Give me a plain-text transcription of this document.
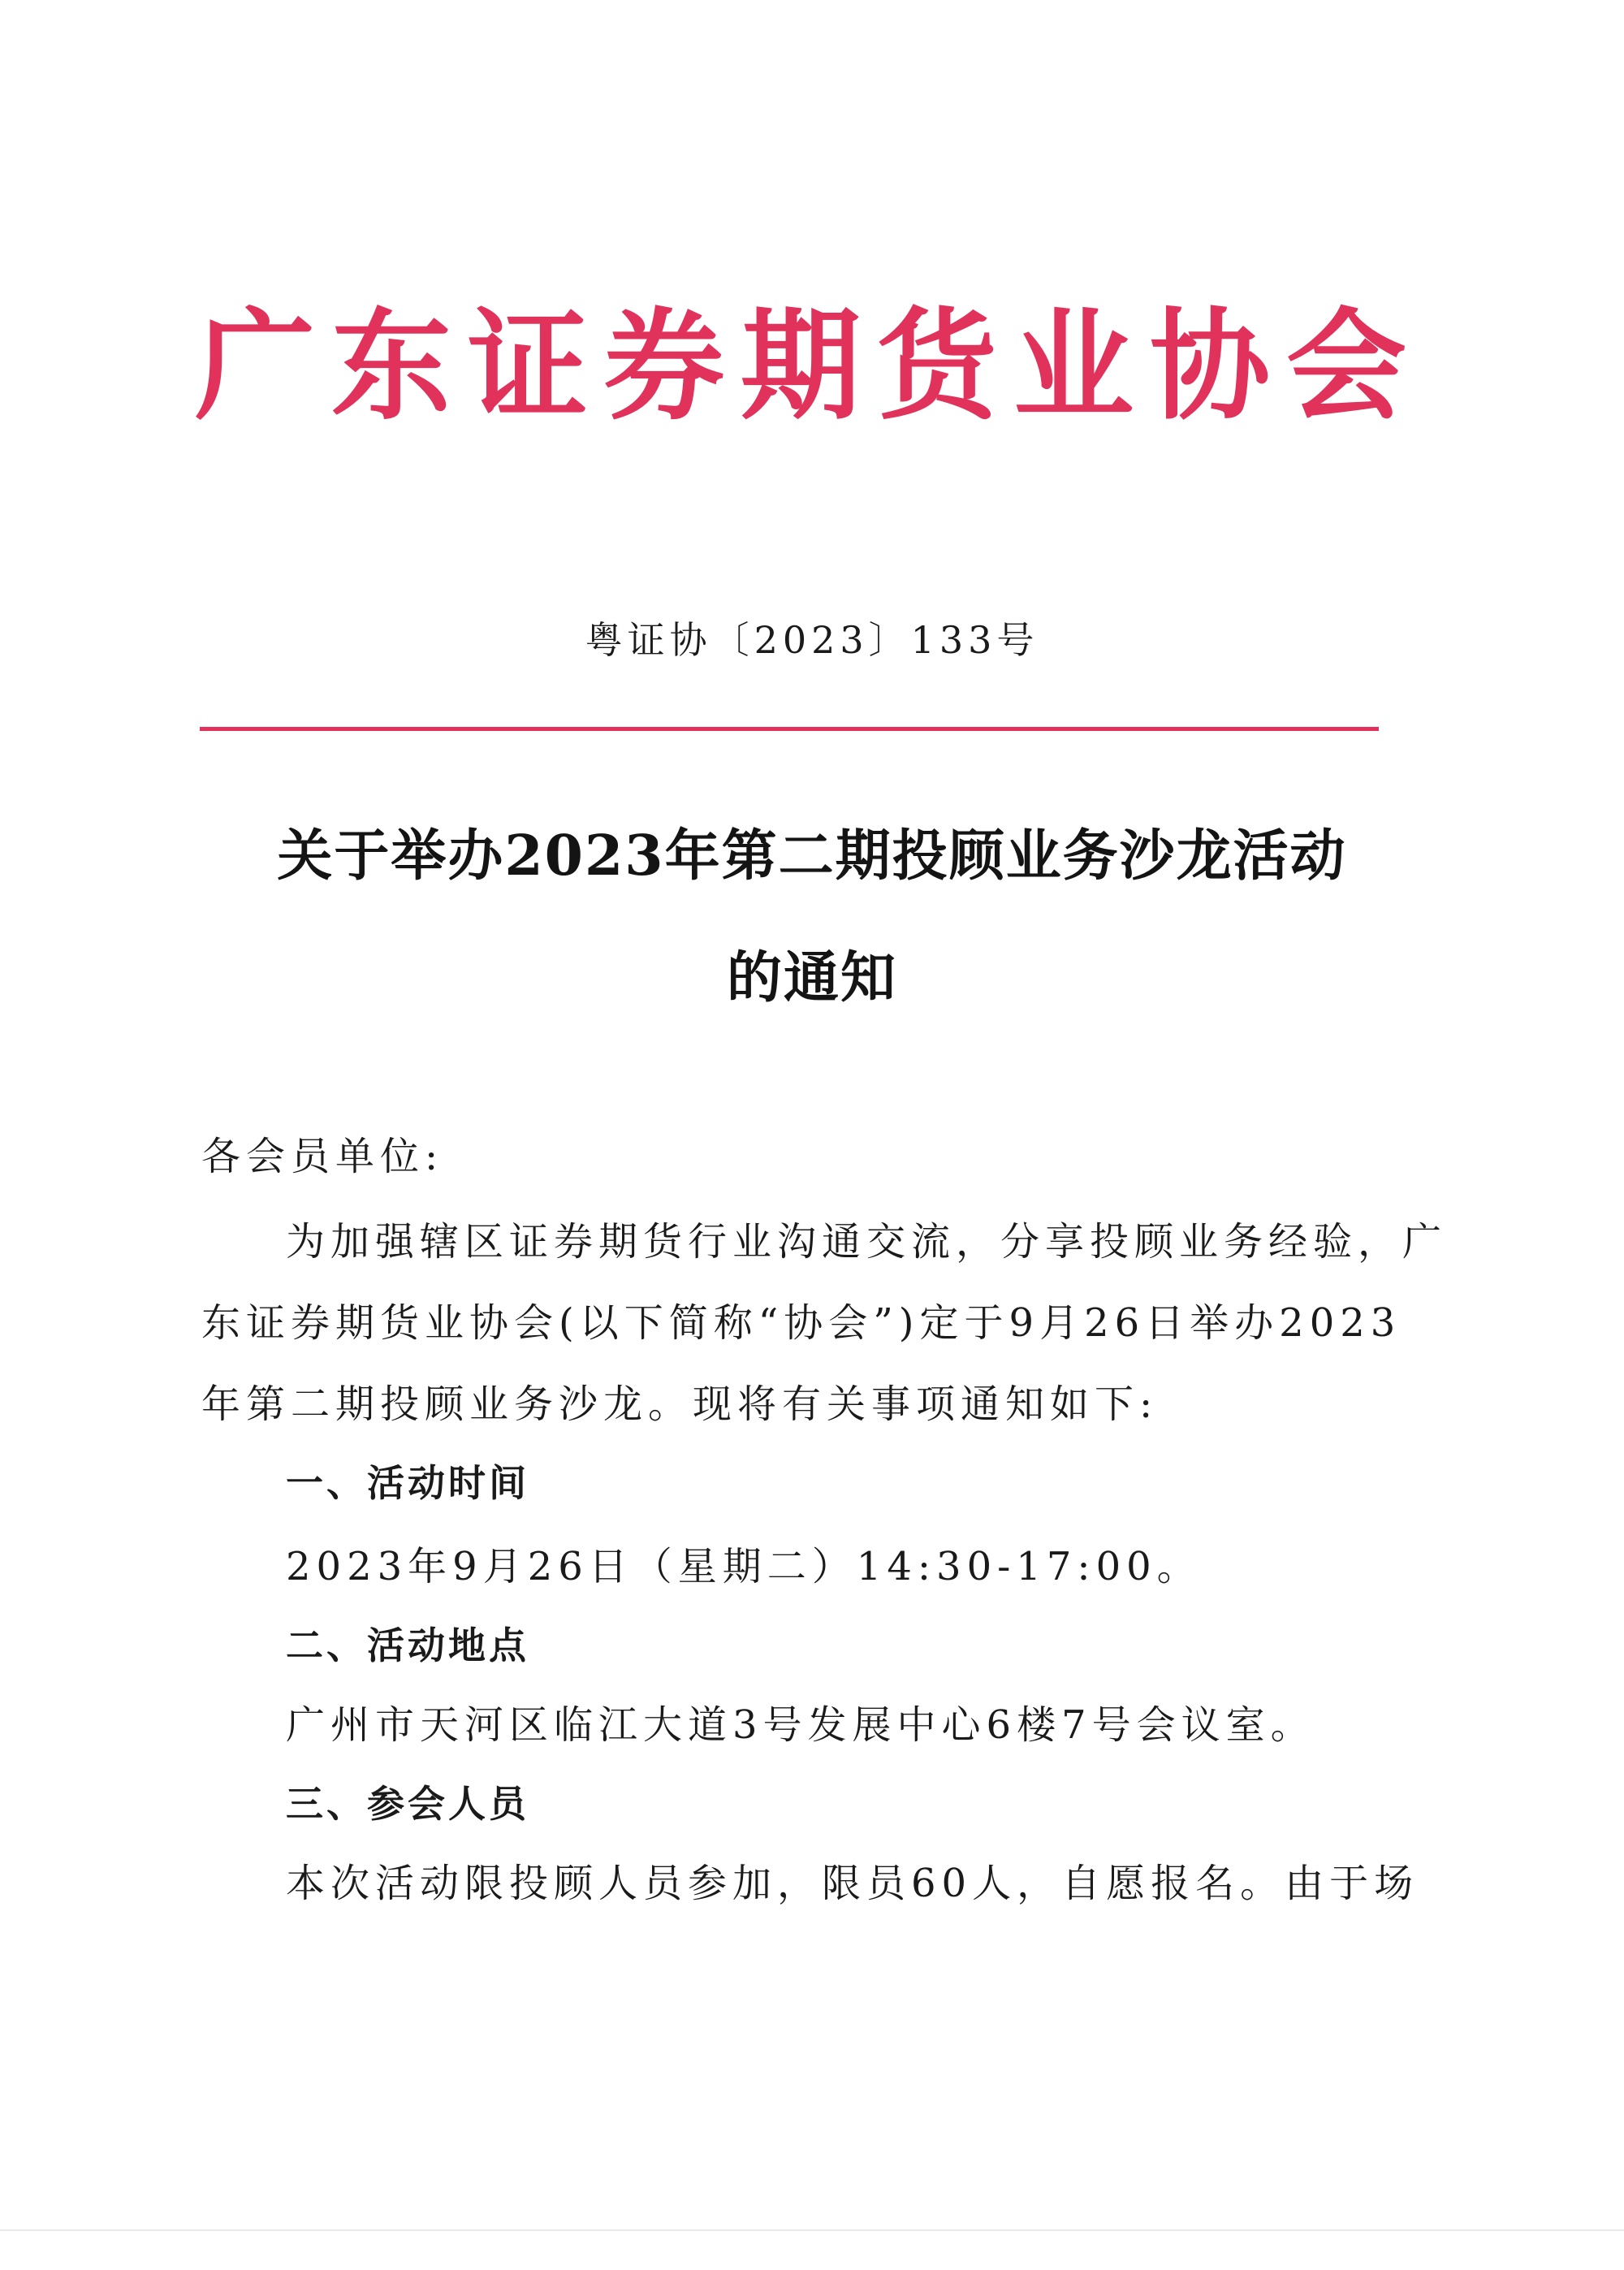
广东证券期货业协会
粤证协〔2023〕133号
关于举办2023年第二期投顾业务沙龙活动
的通知
各会员单位:
为加强辖区证券期货行业沟通交流，分享投顾业务经验，广
东证券期货业协会(以下简称“协会”)定于9月26日举办2023
年第二期投顾业务沙龙。现将有关事项通知如下:
一、活动时间
2023年9月26日（星期二）14:30-17:00。
二、活动地点
广州市天河区临江大道3号发展中心6楼7号会议室。
三、参会人员
本次活动限投顾人员参加，限员60人，自愿报名。由于场
